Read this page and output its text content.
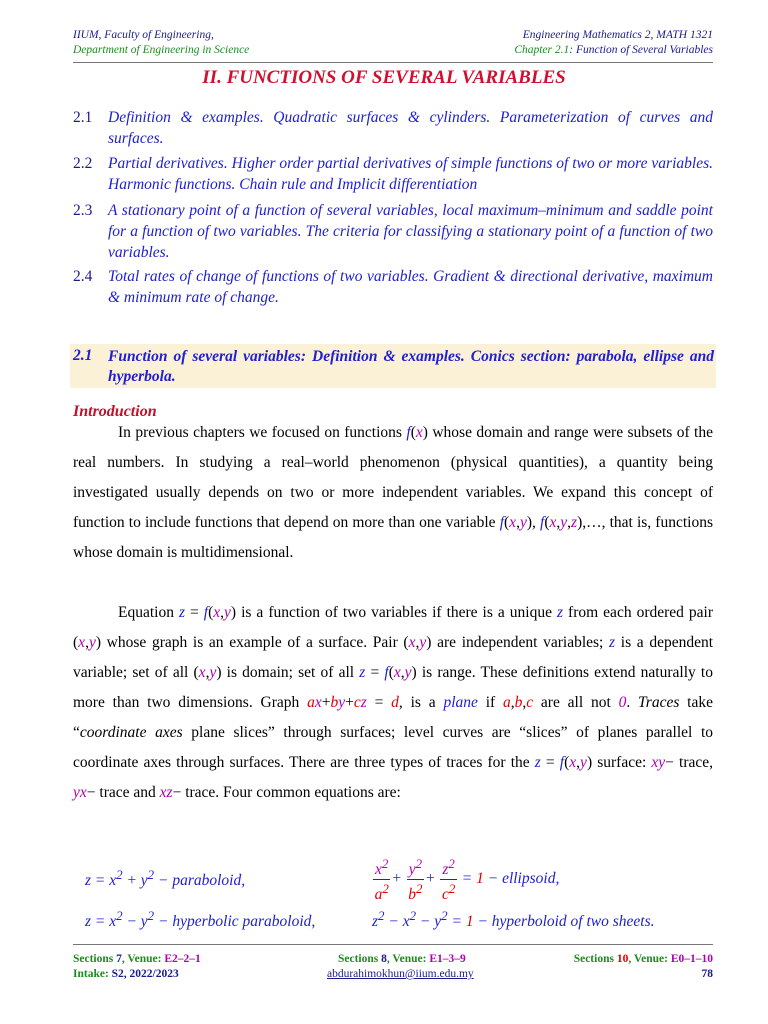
IIUM, Faculty of Engineering,
Department of Engineering in Science
Engineering Mathematics 2, MATH 1321
Chapter 2.1: Function of Several Variables
II. FUNCTIONS OF SEVERAL VARIABLES
2.1 Definition & examples. Quadratic surfaces & cylinders. Parameterization of curves and surfaces.
2.2 Partial derivatives. Higher order partial derivatives of simple functions of two or more variables. Harmonic functions. Chain rule and Implicit differentiation
2.3 A stationary point of a function of several variables, local maximum–minimum and saddle point for a function of two variables. The criteria for classifying a stationary point of a function of two variables.
2.4 Total rates of change of functions of two variables. Gradient & directional derivative, maximum & minimum rate of change.
2.1 Function of several variables: Definition & examples. Conics section: parabola, ellipse and hyperbola.
Introduction
In previous chapters we focused on functions f(x) whose domain and range were subsets of the real numbers. In studying a real–world phenomenon (physical quantities), a quantity being investigated usually depends on two or more independent variables. We expand this concept of function to include functions that depend on more than one variable f(x,y), f(x,y,z),…, that is, functions whose domain is multidimensional.
Equation z = f(x,y) is a function of two variables if there is a unique z from each ordered pair (x,y) whose graph is an example of a surface. Pair (x,y) are independent variables; z is a dependent variable; set of all (x,y) is domain; set of all z = f(x,y) is range. These definitions extend naturally to more than two dimensions. Graph ax+by+cz = d, is a plane if a,b,c are all not 0. Traces take “coordinate axes plane slices” through surfaces; level curves are “slices” of planes parallel to coordinate axes through surfaces. There are three types of traces for the z = f(x,y) surface: xy− trace, yx− trace and xz− trace. Four common equations are:
$z = x^2 + y^2$ − paraboloid,	$\frac{x^2}{a^2} + \frac{y^2}{b^2} + \frac{z^2}{c^2} = 1$ − ellipsoid,
$z = x^2 - y^2$ − hyperbolic paraboloid,	$z^2 - x^2 - y^2 = 1$ − hyperboloid of two sheets.
Sections 7, Venue: E2–2–1
Intake: S2, 2022/2023
Sections 8, Venue: E1–3–9
abdurahimokhun@iium.edu.my
Sections 10, Venue: E0–1–10
78
